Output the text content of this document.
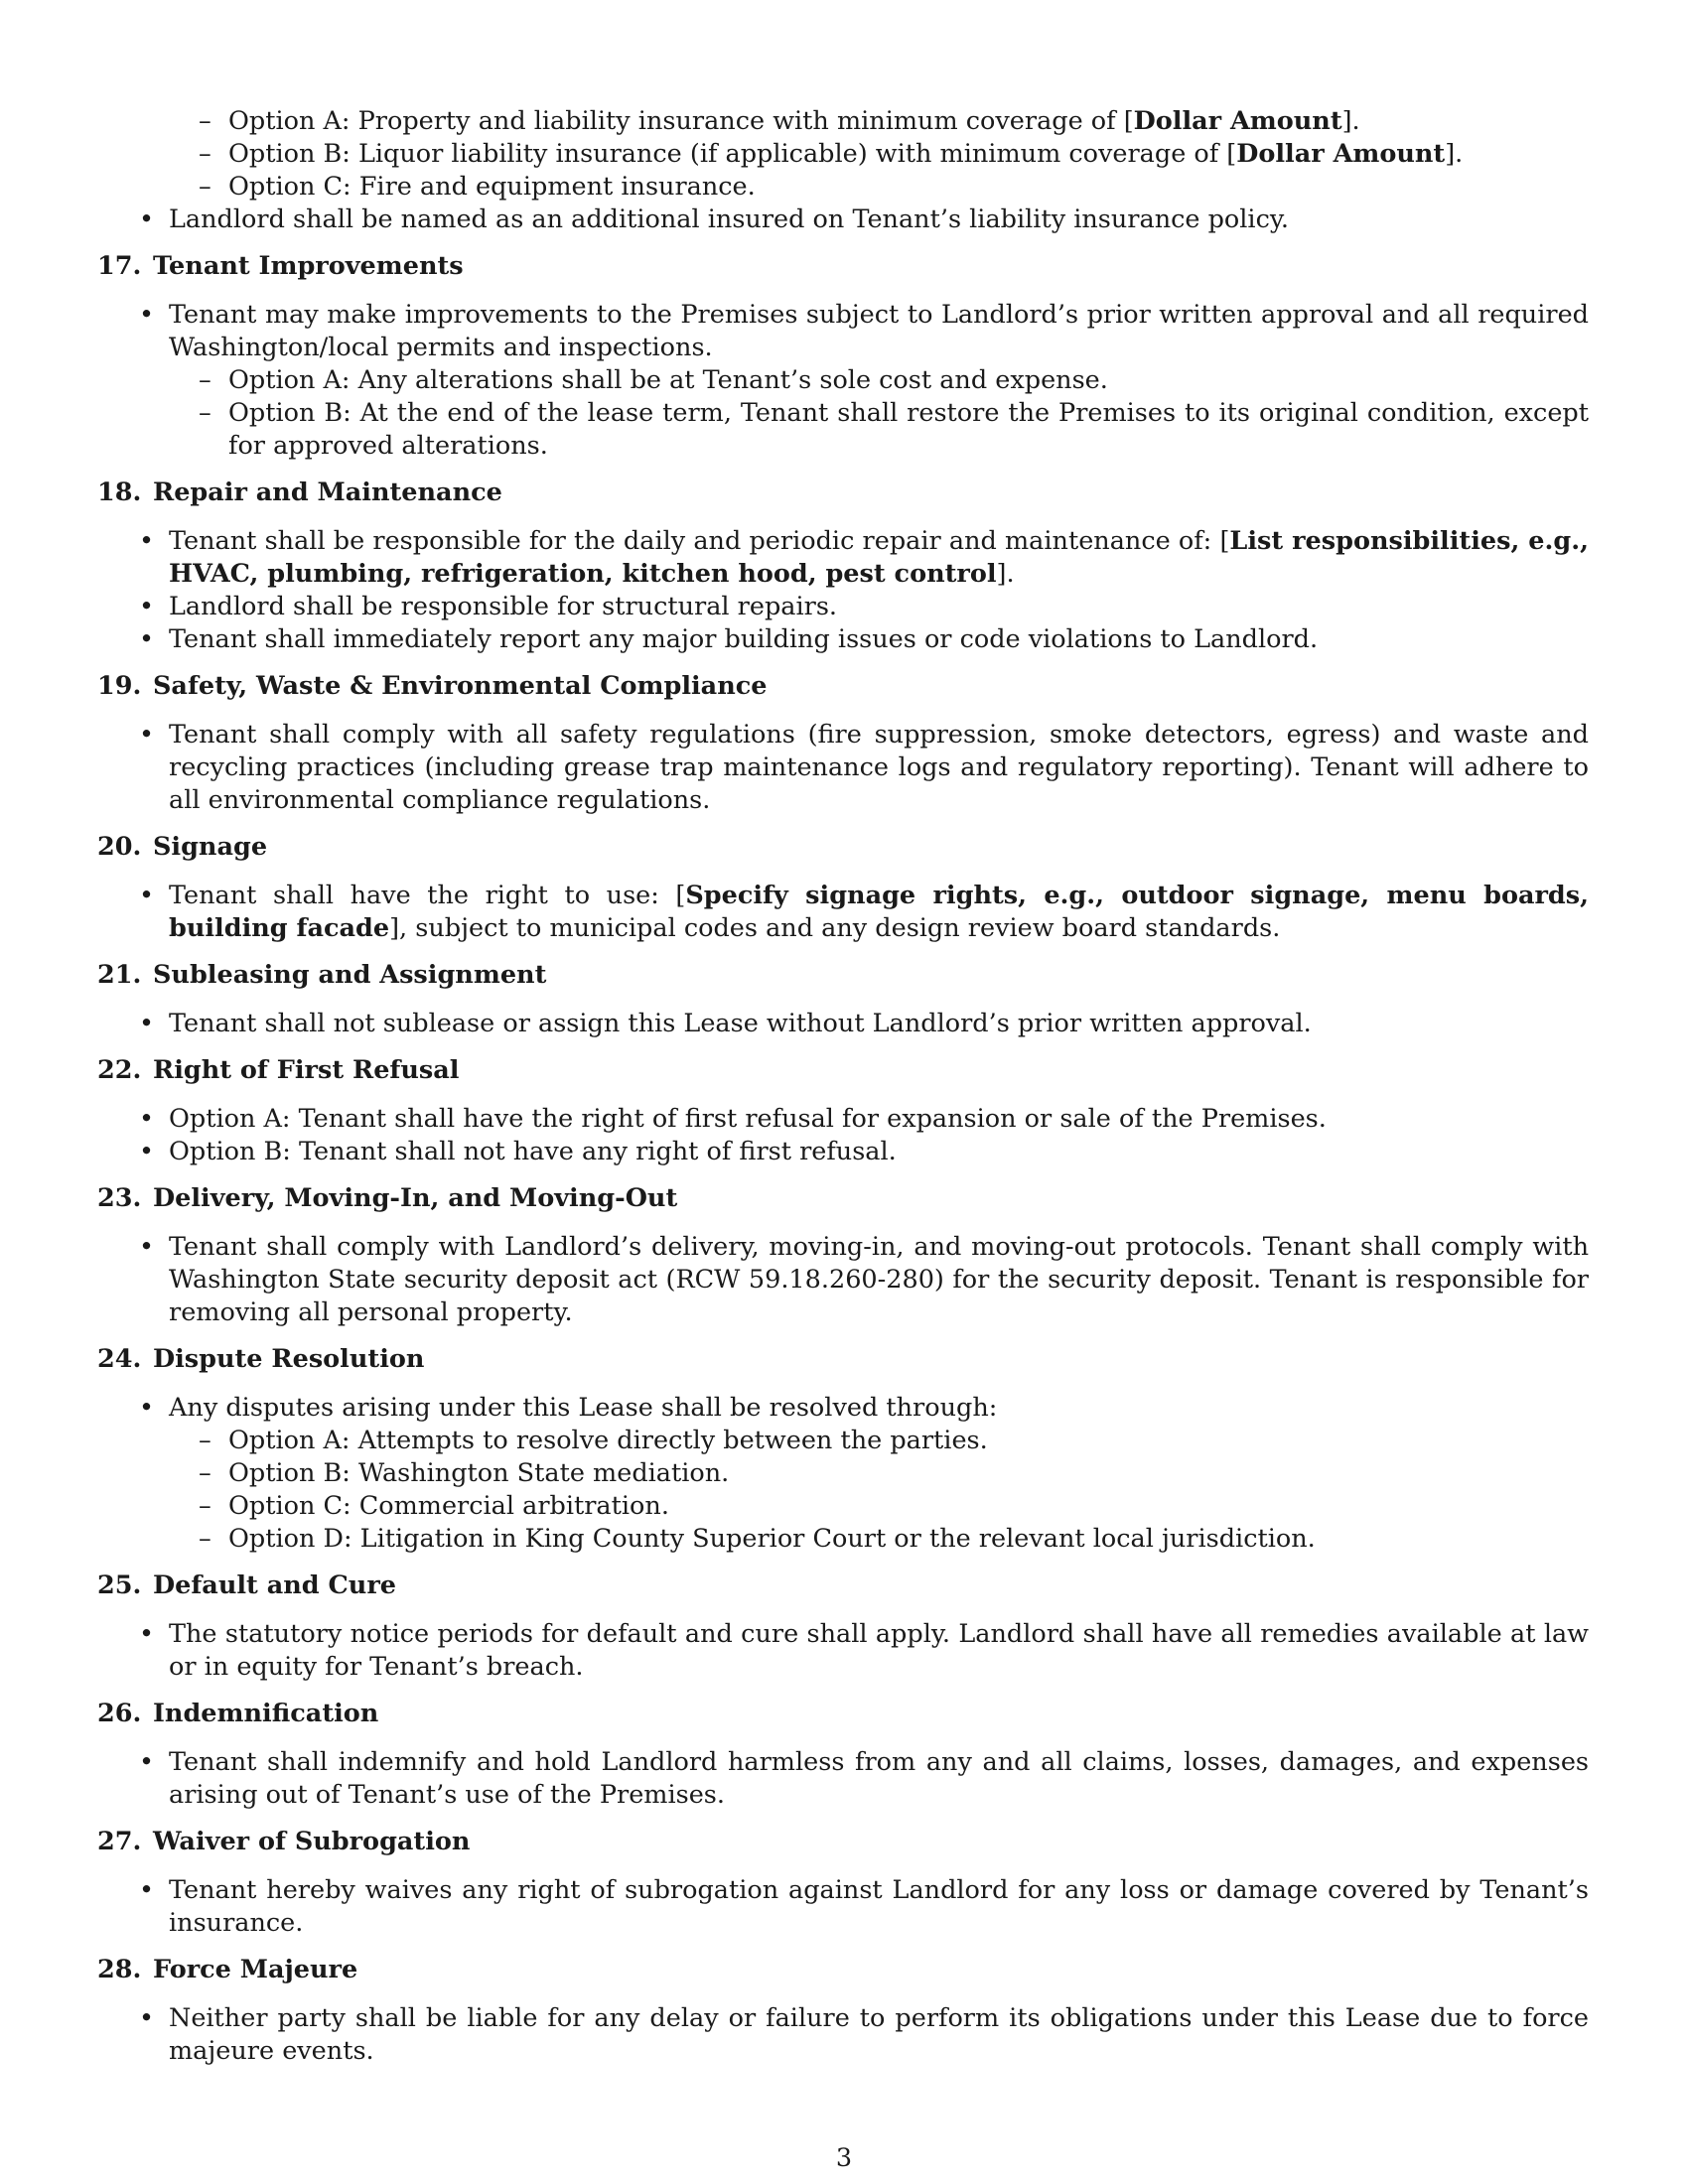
– Option A: Property and liability insurance with minimum coverage of [Dollar Amount].
– Option B: Liquor liability insurance (if applicable) with minimum coverage of [Dollar Amount].
– Option C: Fire and equipment insurance.
• Landlord shall be named as an additional insured on Tenant’s liability insurance policy.
17. Tenant Improvements
• Tenant may make improvements to the Premises subject to Landlord’s prior written approval and all required Washington/local permits and inspections.
– Option A: Any alterations shall be at Tenant’s sole cost and expense.
– Option B: At the end of the lease term, Tenant shall restore the Premises to its original condition, except for approved alterations.
18. Repair and Maintenance
• Tenant shall be responsible for the daily and periodic repair and maintenance of: [List responsibilities, e.g., HVAC, plumbing, refrigeration, kitchen hood, pest control].
• Landlord shall be responsible for structural repairs.
• Tenant shall immediately report any major building issues or code violations to Landlord.
19. Safety, Waste & Environmental Compliance
• Tenant shall comply with all safety regulations (fire suppression, smoke detectors, egress) and waste and recycling practices (including grease trap maintenance logs and regulatory reporting). Tenant will adhere to all environmental compliance regulations.
20. Signage
• Tenant shall have the right to use: [Specify signage rights, e.g., outdoor signage, menu boards, building facade], subject to municipal codes and any design review board standards.
21. Subleasing and Assignment
• Tenant shall not sublease or assign this Lease without Landlord’s prior written approval.
22. Right of First Refusal
• Option A: Tenant shall have the right of first refusal for expansion or sale of the Premises.
• Option B: Tenant shall not have any right of first refusal.
23. Delivery, Moving-In, and Moving-Out
• Tenant shall comply with Landlord’s delivery, moving-in, and moving-out protocols. Tenant shall comply with Washington State security deposit act (RCW 59.18.260-280) for the security deposit. Tenant is responsible for removing all personal property.
24. Dispute Resolution
• Any disputes arising under this Lease shall be resolved through:
– Option A: Attempts to resolve directly between the parties.
– Option B: Washington State mediation.
– Option C: Commercial arbitration.
– Option D: Litigation in King County Superior Court or the relevant local jurisdiction.
25. Default and Cure
• The statutory notice periods for default and cure shall apply. Landlord shall have all remedies available at law or in equity for Tenant’s breach.
26. Indemnification
• Tenant shall indemnify and hold Landlord harmless from any and all claims, losses, damages, and expenses arising out of Tenant’s use of the Premises.
27. Waiver of Subrogation
• Tenant hereby waives any right of subrogation against Landlord for any loss or damage covered by Tenant’s insurance.
28. Force Majeure
• Neither party shall be liable for any delay or failure to perform its obligations under this Lease due to force majeure events.
3
